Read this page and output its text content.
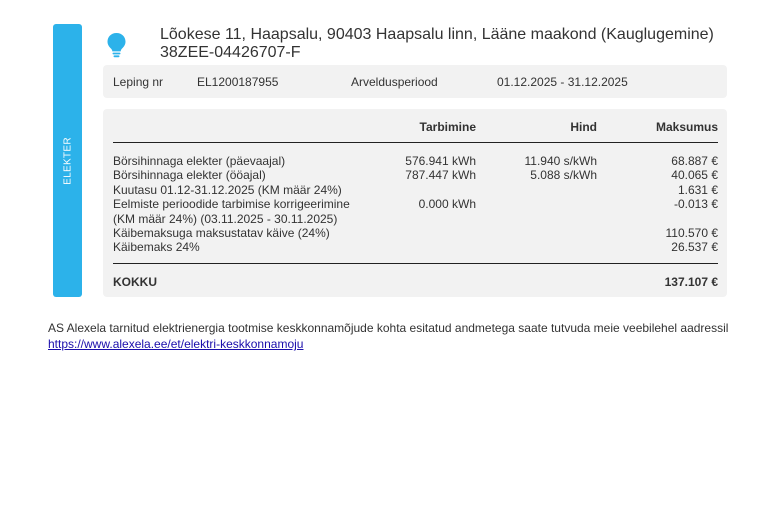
ELEKTER
Lõokese 11, Haapsalu, 90403 Haapsalu linn, Lääne maakond (Kauglugemine)
38ZEE-04426707-F
Leping nr	EL1200187955	Arveldusperiood	01.12.2025 - 31.12.2025
Tarbimine	Hind	Maksumus
Börsihinnaga elekter (päevaajal)	576.941 kWh	11.940 s/kWh	68.887 €
Börsihinnaga elekter (ööajal)	787.447 kWh	5.088 s/kWh	40.065 €
Kuutasu 01.12-31.12.2025 (KM määr 24%)	1.631 €
Eelmiste perioodide tarbimise korrigeerimine	0.000 kWh	-0.013 €
(KM määr 24%) (03.11.2025 - 30.11.2025)
Käibemaksuga maksustatav käive (24%)	110.570 €
Käibemaks 24%	26.537 €
KOKKU	137.107 €
AS Alexela tarnitud elektrienergia tootmise keskkonnamõjude kohta esitatud andmetega saate tutvuda meie veebilehel aadressil https://www.alexela.ee/et/elektri-keskkonnamoju
